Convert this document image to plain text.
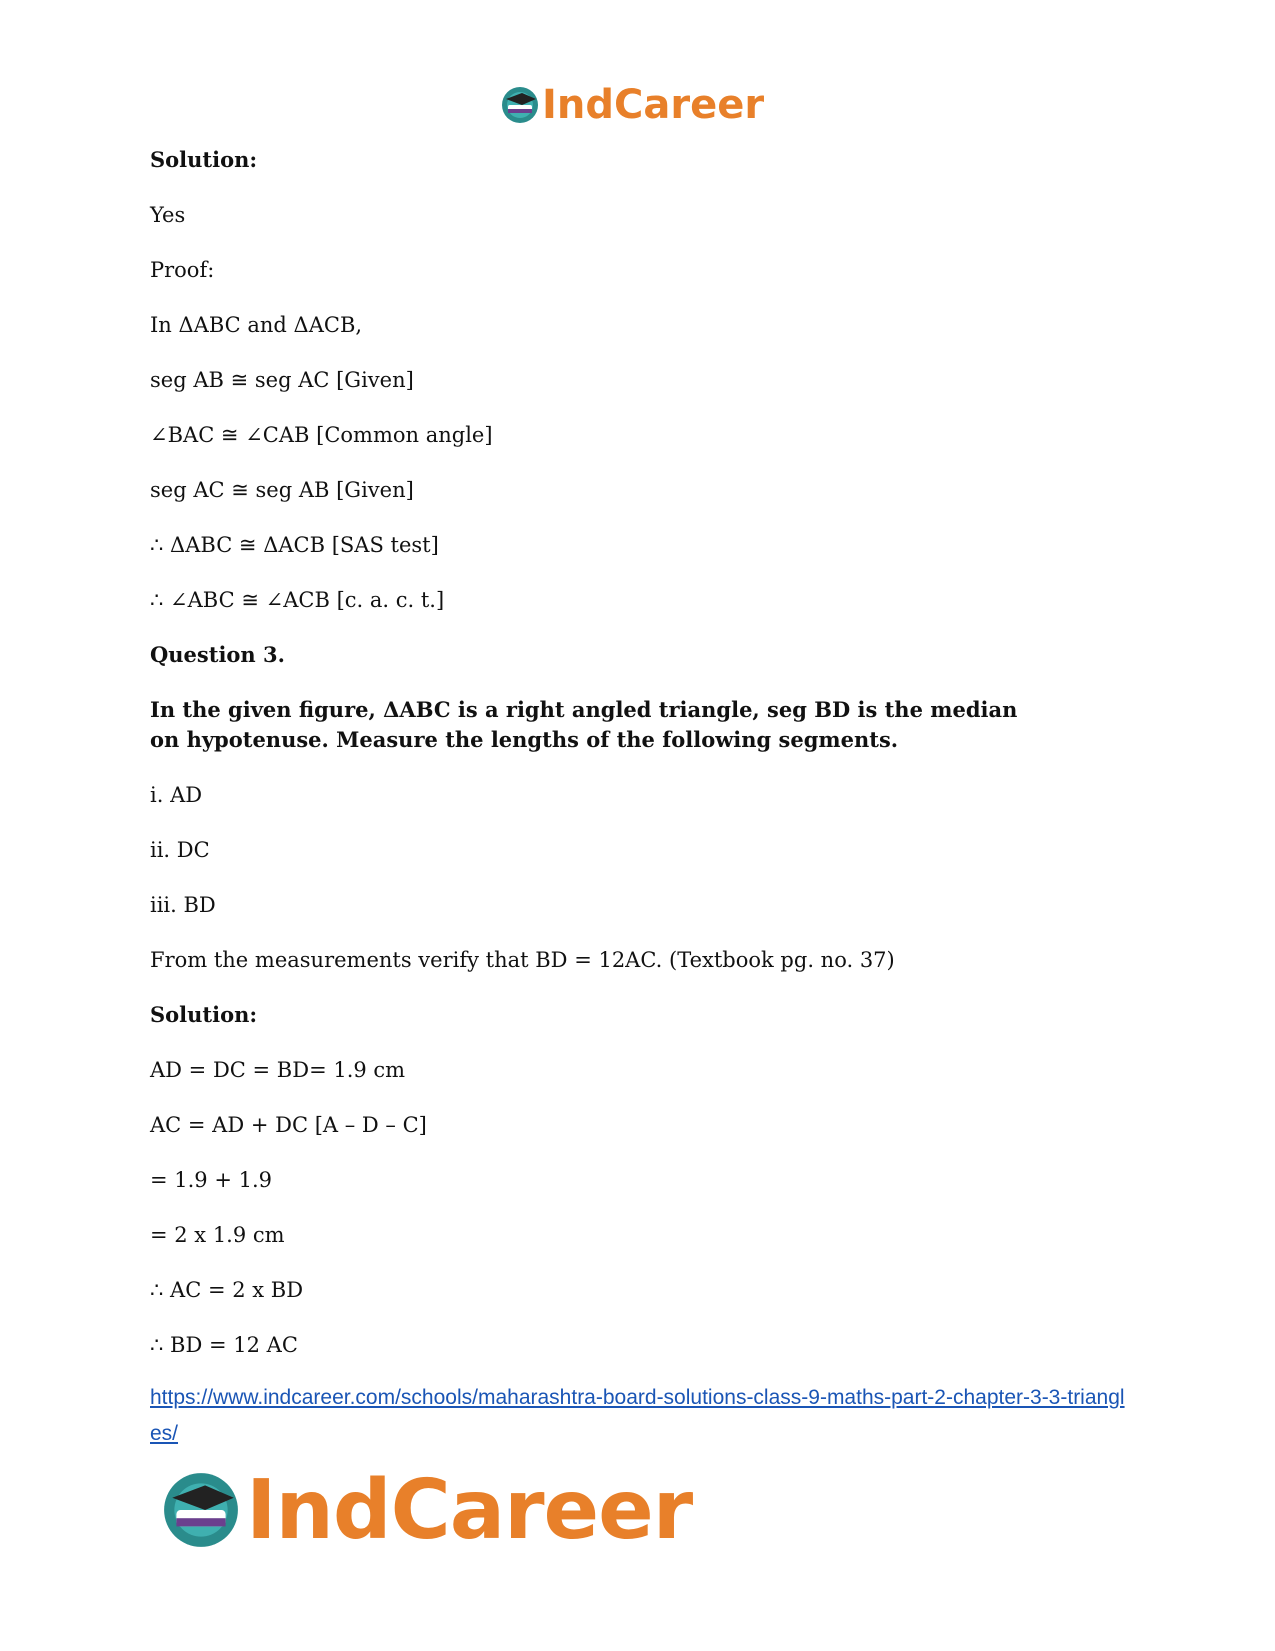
IndCareer
Solution:
Yes
Proof:
In ΔABC and ΔACB,
seg AB ≅ seg AC [Given]
∠BAC ≅ ∠CAB [Common angle]
seg AC ≅ seg AB [Given]
∴ ΔABC ≅ ΔACB [SAS test]
∴ ∠ABC ≅ ∠ACB [c. a. c. t.]
Question 3.
In the given figure, ΔABC is a right angled triangle, seg BD is the median on hypotenuse. Measure the lengths of the following segments.
i. AD
ii. DC
iii. BD
From the measurements verify that BD = 12AC. (Textbook pg. no. 37)
Solution:
AD = DC = BD= 1.9 cm
AC = AD + DC [A – D – C]
= 1.9 + 1.9
= 2 x 1.9 cm
∴ AC = 2 x BD
∴ BD = 12 AC
https://www.indcareer.com/schools/maharashtra-board-solutions-class-9-maths-part-2-chapter-3-3-triangles/
IndCareer
